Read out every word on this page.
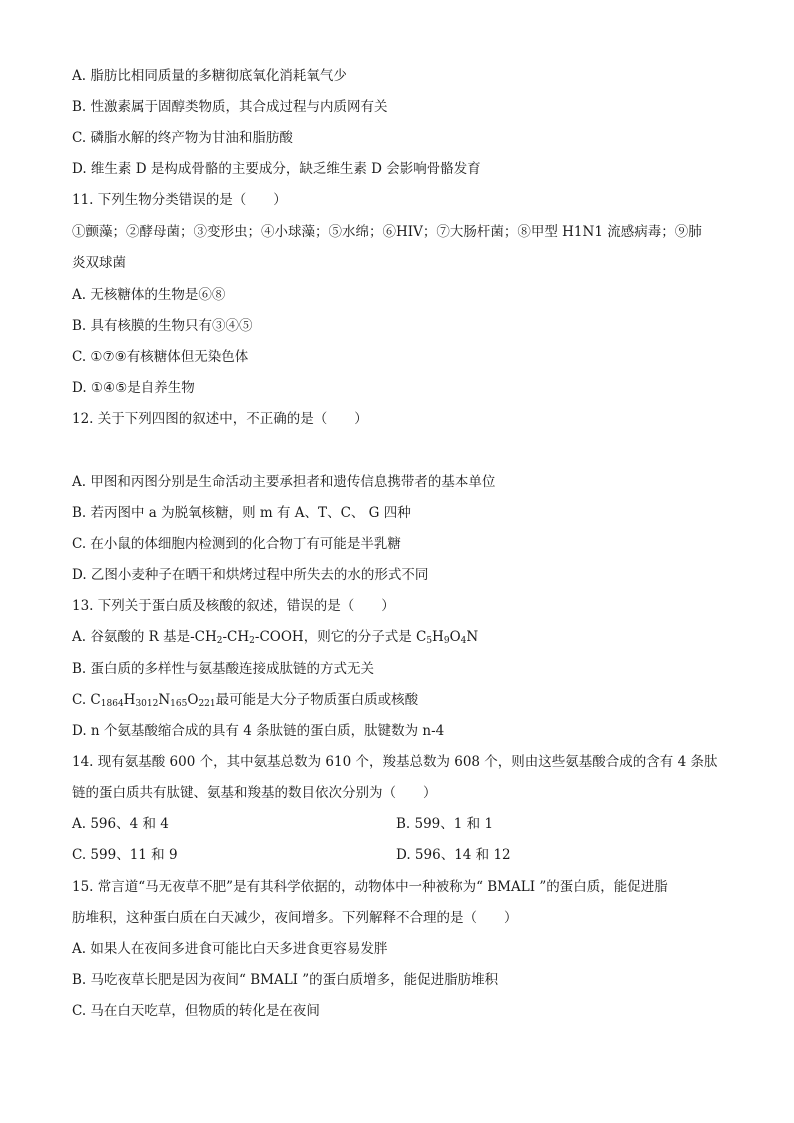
A. 脂肪比相同质量的多糖彻底氧化消耗氧气少
B. 性激素属于固醇类物质，其合成过程与内质网有关
C. 磷脂水解的终产物为甘油和脂肪酸
D. 维生素 D 是构成骨骼的主要成分，缺乏维生素 D 会影响骨骼发育
11. 下列生物分类错误的是（　　）
①颤藻；②酵母菌；③变形虫；④小球藻；⑤水绵；⑥HIV；⑦大肠杆菌；⑧甲型 H1N1 流感病毒；⑨肺
炎双球菌
A. 无核糖体的生物是⑥⑧
B. 具有核膜的生物只有③④⑤
C. ①⑦⑨有核糖体但无染色体
D. ①④⑤是自养生物
12. 关于下列四图的叙述中，不正确的是（　　）
A. 甲图和丙图分别是生命活动主要承担者和遗传信息携带者的基本单位
B. 若丙图中 a 为脱氧核糖，则 m 有 A、T、C、 G 四种
C. 在小鼠的体细胞内检测到的化合物丁有可能是半乳糖
D. 乙图小麦种子在晒干和烘烤过程中所失去的水的形式不同
13. 下列关于蛋白质及核酸的叙述，错误的是（　　）
A. 谷氨酸的 R 基是$-CH_2-CH_2$-COOH，则它的分子式是 $C_5H_9O_4N$
B. 蛋白质的多样性与氨基酸连接成肽链的方式无关
C. $C_{1864}H_{3012}N_{165}O_{221}$最可能是大分子物质蛋白质或核酸
D. n 个氨基酸缩合成的具有 4 条肽链的蛋白质，肽键数为 n-4
14. 现有氨基酸 600 个，其中氨基总数为 610 个，羧基总数为 608 个，则由这些氨基酸合成的含有 4 条肽
链的蛋白质共有肽键、氨基和羧基的数目依次分别为（　　）
A. 596、4 和 4	B. 599、1 和 1
C. 599、11 和 9	D. 596、14 和 12
15. 常言道“马无夜草不肥”是有其科学依据的，动物体中一种被称为“ BMALI ”的蛋白质，能促进脂
肪堆积，这种蛋白质在白天减少，夜间增多。下列解释不合理的是（　　）
A. 如果人在夜间多进食可能比白天多进食更容易发胖
B. 马吃夜草长肥是因为夜间“ BMALI ”的蛋白质增多，能促进脂肪堆积
C. 马在白天吃草，但物质的转化是在夜间
